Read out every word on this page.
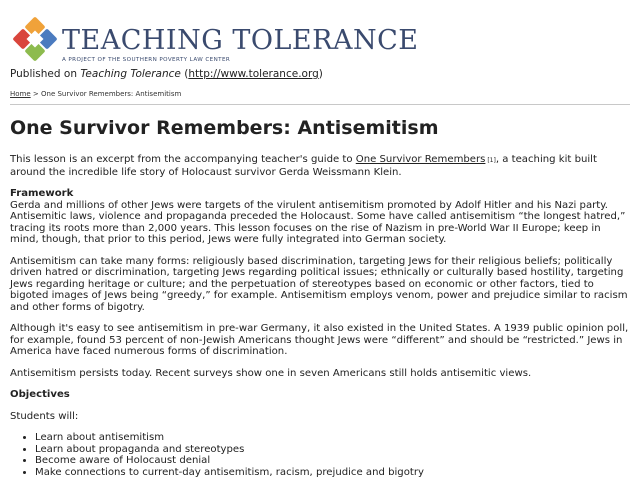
TEACHING TOLERANCE
A PROJECT OF THE SOUTHERN POVERTY LAW CENTER
Published on Teaching Tolerance (http://www.tolerance.org)
Home > One Survivor Remembers: Antisemitism
One Survivor Remembers: Antisemitism

This lesson is an excerpt from the accompanying teacher's guide to One Survivor Remembers [1], a teaching kit built around the incredible life story of Holocaust survivor Gerda Weissmann Klein.

Framework

Gerda and millions of other Jews were targets of the virulent antisemitism promoted by Adolf Hitler and his Nazi party. Antisemitic laws, violence and propaganda preceded the Holocaust. Some have called antisemitism “the longest hatred,” tracing its roots more than 2,000 years. This lesson focuses on the rise of Nazism in pre-World War II Europe; keep in mind, though, that prior to this period, Jews were fully integrated into German society.

Antisemitism can take many forms: religiously based discrimination, targeting Jews for their religious beliefs; politically driven hatred or discrimination, targeting Jews regarding political issues; ethnically or culturally based hostility, targeting Jews regarding heritage or culture; and the perpetuation of stereotypes based on economic or other factors, tied to bigoted images of Jews being “greedy,” for example. Antisemitism employs venom, power and prejudice similar to racism and other forms of bigotry.

Although it's easy to see antisemitism in pre-war Germany, it also existed in the United States. A 1939 public opinion poll, for example, found 53 percent of non-Jewish Americans thought Jews were “different” and should be “restricted.” Jews in America have faced numerous forms of discrimination.

Antisemitism persists today. Recent surveys show one in seven Americans still holds antisemitic views.

Objectives

Students will:

• Learn about antisemitism
• Learn about propaganda and stereotypes
• Become aware of Holocaust denial
• Make connections to current-day antisemitism, racism, prejudice and bigotry
